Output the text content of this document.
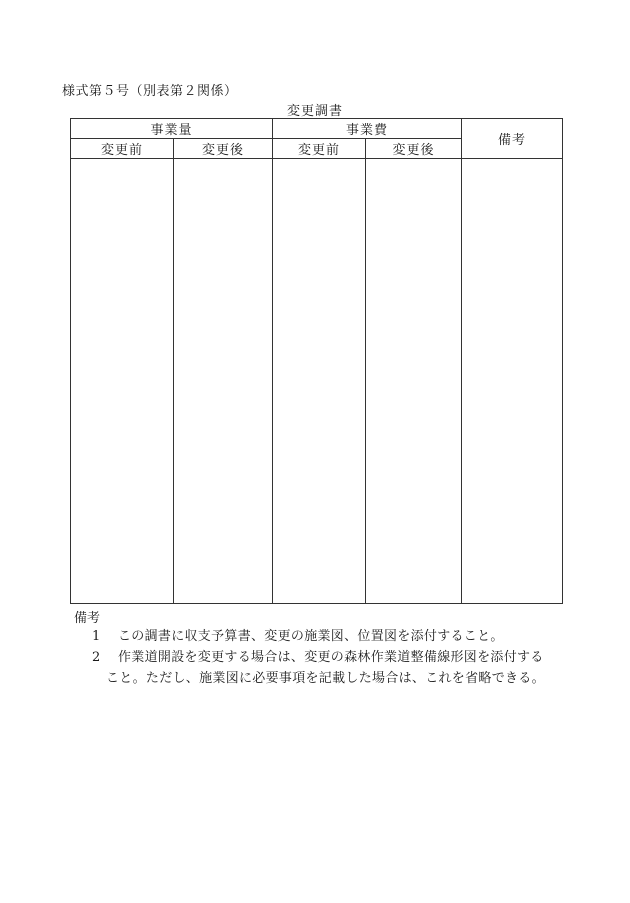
様式第５号（別表第２関係）
変更調書
事業量		事業費		備考
変更前	変更後	変更前	変更後	

備考
1 この調書に収支予算書、変更の施業図、位置図を添付すること。
2 作業道開設を変更する場合は、変更の森林作業道整備線形図を添付する
こと。ただし、施業図に必要事項を記載した場合は、これを省略できる。
